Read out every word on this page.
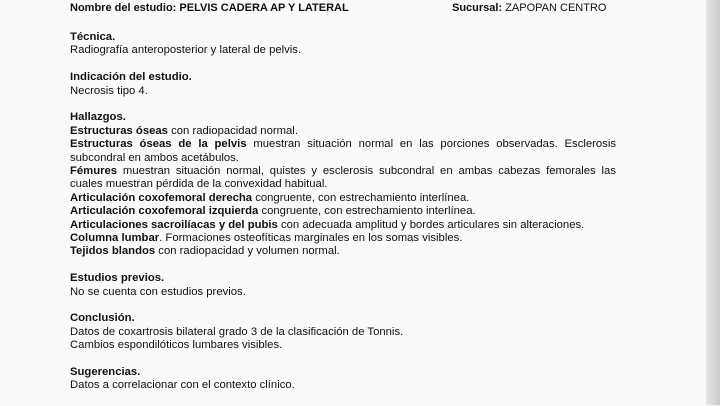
Nombre del estudio: PELVIS CADERA AP Y LATERAL	Sucursal: ZAPOPAN CENTRO
Técnica.
Radiografía anteroposterior y lateral de pelvis.
Indicación del estudio.
Necrosis tipo 4.
Hallazgos.
Estructuras óseas con radiopacidad normal.
Estructuras óseas de la pelvis muestran situación normal en las porciones observadas. Esclerosis subcondral en ambos acetábulos.
Fémures muestran situación normal, quistes y esclerosis subcondral en ambas cabezas femorales las cuales muestran pérdida de la convexidad habitual.
Articulación coxofemoral derecha congruente, con estrechamiento interlínea.
Articulación coxofemoral izquierda congruente, con estrechamiento interlínea.
Articulaciones sacroilíacas y del pubis con adecuada amplitud y bordes articulares sin alteraciones.
Columna lumbar. Formaciones osteofíticas marginales en los somas visibles.
Tejidos blandos con radiopacidad y volumen normal.
Estudios previos.
No se cuenta con estudios previos.
Conclusión.
Datos de coxartrosis bilateral grado 3 de la clasificación de Tonnis.
Cambios espondilóticos lumbares visibles.
Sugerencias.
Datos a correlacionar con el contexto clínico.
